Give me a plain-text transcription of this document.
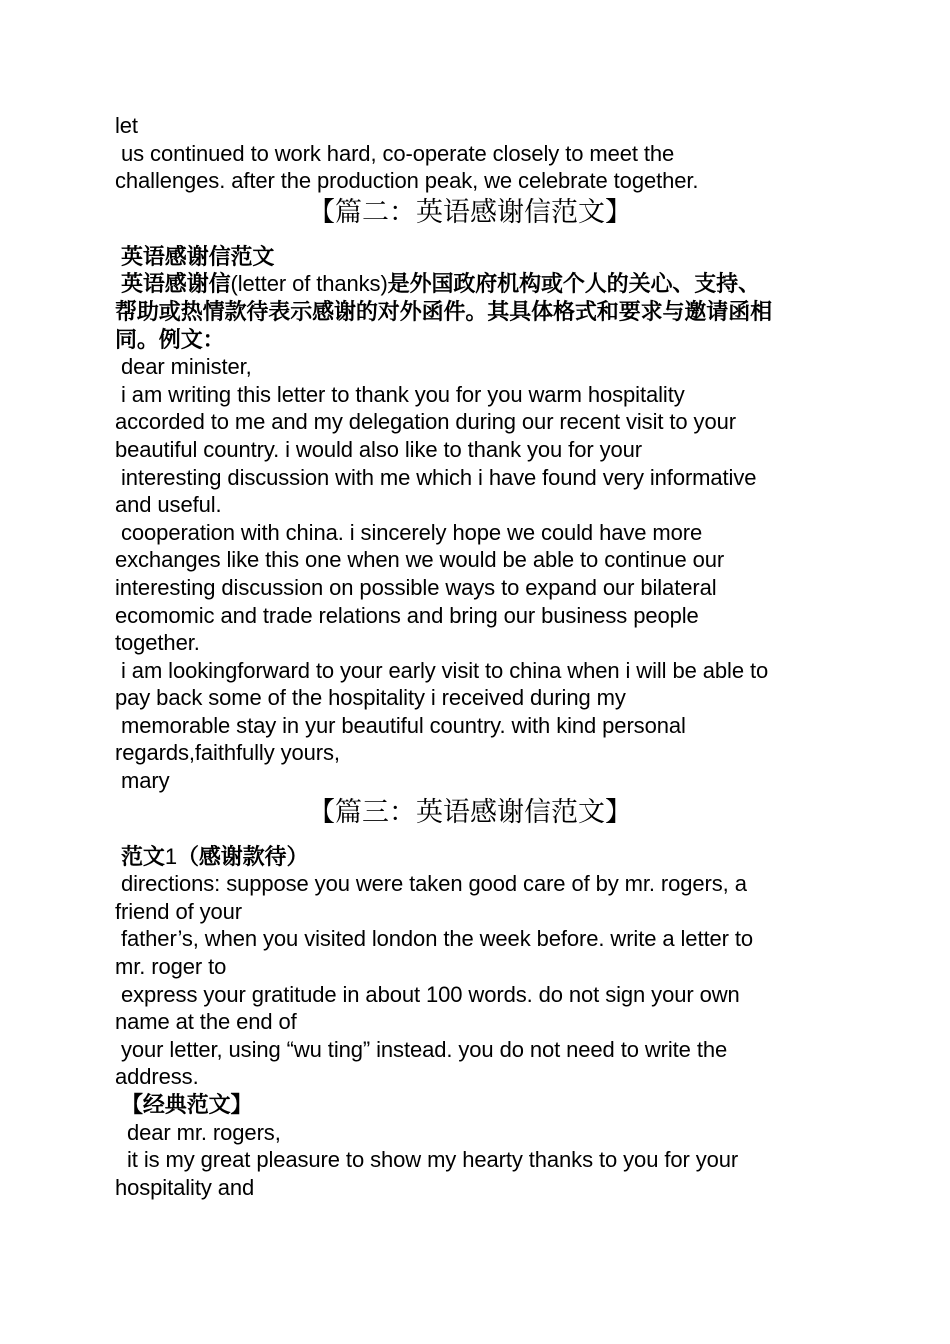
let
us continued to work hard, co-operate closely to meet the
challenges. after the production peak, we celebrate together.
【篇二：英语感谢信范文】
英语感谢信范文
英语感谢信(letter of thanks)是外国政府机构或个人的关心、支持、
帮助或热情款待表示感谢的对外函件。其具体格式和要求与邀请函相
同。例文：
dear minister,
i am writing this letter to thank you for you warm hospitality
accorded to me and my delegation during our recent visit to your
beautiful country. i would also like to thank you for your
interesting discussion with me which i have found very informative
and useful.
cooperation with china. i sincerely hope we could have more
exchanges like this one when we would be able to continue our
interesting discussion on possible ways to expand our bilateral
ecomomic and trade relations and bring our business people
together.
i am lookingforward to your early visit to china when i will be able to
pay back some of the hospitality i received during my
memorable stay in yur beautiful country. with kind personal
regards,faithfully yours,
mary
【篇三：英语感谢信范文】
范文1（感谢款待）
directions: suppose you were taken good care of by mr. rogers, a
friend of your
father’s, when you visited london the week before. write a letter to
mr. roger to
express your gratitude in about 100 words. do not sign your own
name at the end of
your letter, using “wu ting” instead. you do not need to write the
address.
【经典范文】
dear mr. rogers,
it is my great pleasure to show my hearty thanks to you for your
hospitality and
